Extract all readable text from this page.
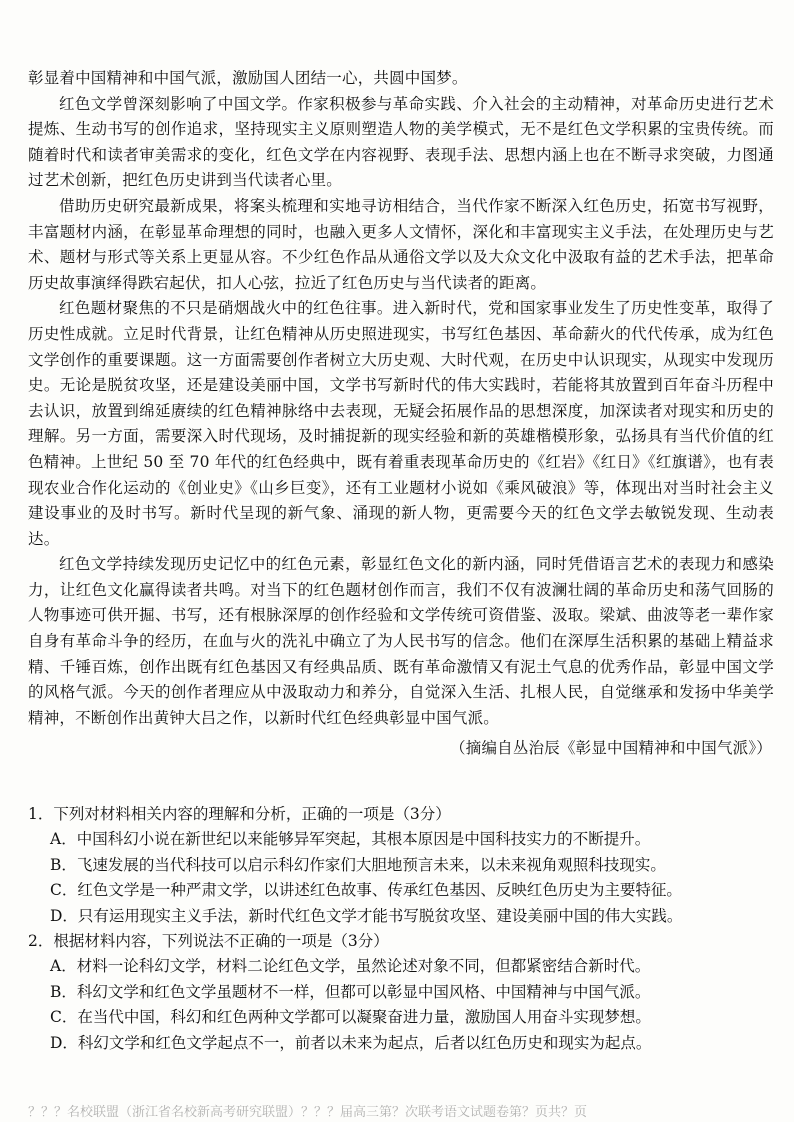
彰显着中国精神和中国气派，激励国人团结一心，共圆中国梦。

红色文学曾深刻影响了中国文学。作家积极参与革命实践、介入社会的主动精神，对革命历史进行艺术提炼、生动书写的创作追求，坚持现实主义原则塑造人物的美学模式，无不是红色文学积累的宝贵传统。而随着时代和读者审美需求的变化，红色文学在内容视野、表现手法、思想内涵上也在不断寻求突破，力图通过艺术创新，把红色历史讲到当代读者心里。

借助历史研究最新成果，将案头梳理和实地寻访相结合，当代作家不断深入红色历史，拓宽书写视野，丰富题材内涵，在彰显革命理想的同时，也融入更多人文情怀，深化和丰富现实主义手法，在处理历史与艺术、题材与形式等关系上更显从容。不少红色作品从通俗文学以及大众文化中汲取有益的艺术手法，把革命历史故事演绎得跌宕起伏，扣人心弦，拉近了红色历史与当代读者的距离。

红色题材聚焦的不只是硝烟战火中的红色往事。进入新时代，党和国家事业发生了历史性变革，取得了历史性成就。立足时代背景，让红色精神从历史照进现实，书写红色基因、革命薪火的代代传承，成为红色文学创作的重要课题。这一方面需要创作者树立大历史观、大时代观，在历史中认识现实，从现实中发现历史。无论是脱贫攻坚，还是建设美丽中国，文学书写新时代的伟大实践时，若能将其放置到百年奋斗历程中去认识，放置到绵延赓续的红色精神脉络中去表现，无疑会拓展作品的思想深度，加深读者对现实和历史的理解。另一方面，需要深入时代现场，及时捕捉新的现实经验和新的英雄楷模形象，弘扬具有当代价值的红色精神。上世纪 50 至 70 年代的红色经典中，既有着重表现革命历史的《红岩》《红日》《红旗谱》，也有表现农业合作化运动的《创业史》《山乡巨变》，还有工业题材小说如《乘风破浪》等，体现出对当时社会主义建设事业的及时书写。新时代呈现的新气象、涌现的新人物，更需要今天的红色文学去敏锐发现、生动表达。

红色文学持续发现历史记忆中的红色元素，彰显红色文化的新内涵，同时凭借语言艺术的表现力和感染力，让红色文化赢得读者共鸣。对当下的红色题材创作而言，我们不仅有波澜壮阔的革命历史和荡气回肠的人物事迹可供开掘、书写，还有根脉深厚的创作经验和文学传统可资借鉴、汲取。梁斌、曲波等老一辈作家自身有革命斗争的经历，在血与火的洗礼中确立了为人民书写的信念。他们在深厚生活积累的基础上精益求精、千锤百炼，创作出既有红色基因又有经典品质、既有革命激情又有泥土气息的优秀作品，彰显中国文学的风格气派。今天的创作者理应从中汲取动力和养分，自觉深入生活、扎根人民，自觉继承和发扬中华美学精神，不断创作出黄钟大吕之作，以新时代红色经典彰显中国气派。

（摘编自丛治辰《彰显中国精神和中国气派》）

1．下列对材料相关内容的理解和分析，正确的一项是（3分）

A．中国科幻小说在新世纪以来能够异军突起，其根本原因是中国科技实力的不断提升。

B．飞速发展的当代科技可以启示科幻作家们大胆地预言未来，以未来视角观照科技现实。

C．红色文学是一种严肃文学，以讲述红色故事、传承红色基因、反映红色历史为主要特征。

D．只有运用现实主义手法，新时代红色文学才能书写脱贫攻坚、建设美丽中国的伟大实践。

2．根据材料内容，下列说法不正确的一项是（3分）

A．材料一论科幻文学，材料二论红色文学，虽然论述对象不同，但都紧密结合新时代。

B．科幻文学和红色文学虽题材不一样，但都可以彰显中国风格、中国精神与中国气派。

C．在当代中国，科幻和红色两种文学都可以凝聚奋进力量，激励国人用奋斗实现梦想。

D．科幻文学和红色文学起点不一，前者以未来为起点，后者以红色历史和现实为起点。

？？？名校联盟（浙江省名校新高考研究联盟）？？？届高三第？次联考语文试题卷第？页共？页
